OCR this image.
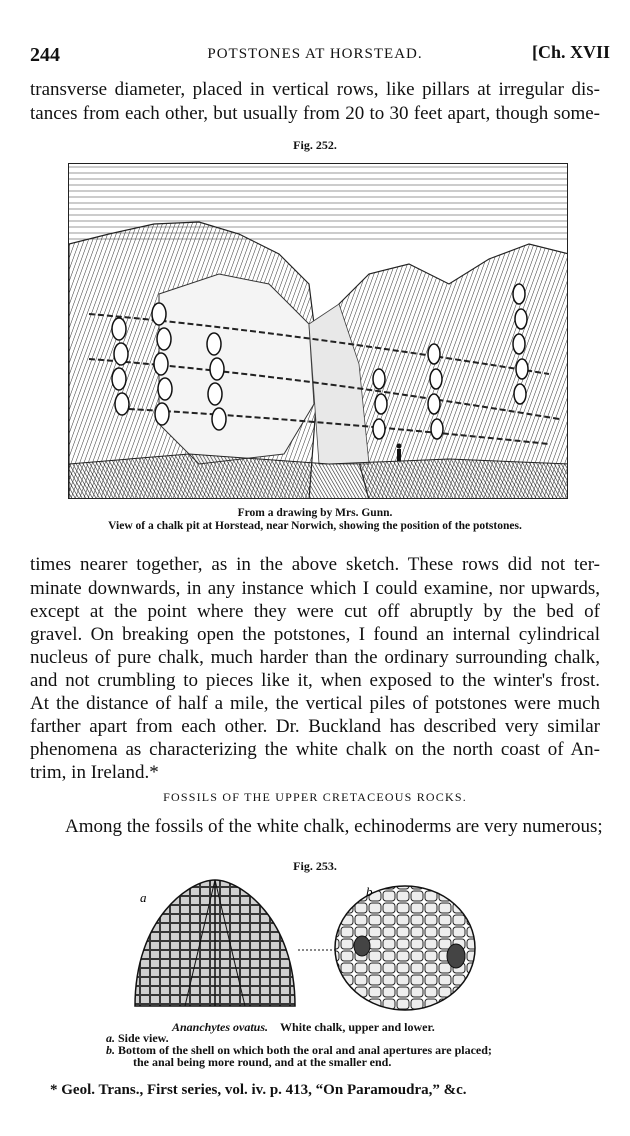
244	POTSTONES AT HORSTEAD.	[Ch. XVII
transverse diameter, placed in vertical rows, like pillars at irregular dis-
tances from each other, but usually from 20 to 30 feet apart, though some-
Fig. 252.
From a drawing by Mrs. Gunn.
View of a chalk pit at Horstead, near Norwich, showing the position of the potstones.
times nearer together, as in the above sketch. These rows did not ter-
minate downwards, in any instance which I could examine, nor upwards,
except at the point where they were cut off abruptly by the bed of
gravel. On breaking open the potstones, I found an internal cylindrical
nucleus of pure chalk, much harder than the ordinary surrounding chalk,
and not crumbling to pieces like it, when exposed to the winter's frost.
At the distance of half a mile, the vertical piles of potstones were much
farther apart from each other. Dr. Buckland has described very similar
phenomena as characterizing the white chalk on the north coast of An-
trim, in Ireland.*
FOSSILS OF THE UPPER CRETACEOUS ROCKS.
Among the fossils of the white chalk, echinoderms are very numerous;
Fig. 253.
a	b
Ananchytes ovatus. White chalk, upper and lower.
a. Side view.
b. Bottom of the shell on which both the oral and anal apertures are placed;
the anal being more round, and at the smaller end.
* Geol. Trans., First series, vol. iv. p. 413, “On Paramoudra,” &c.
